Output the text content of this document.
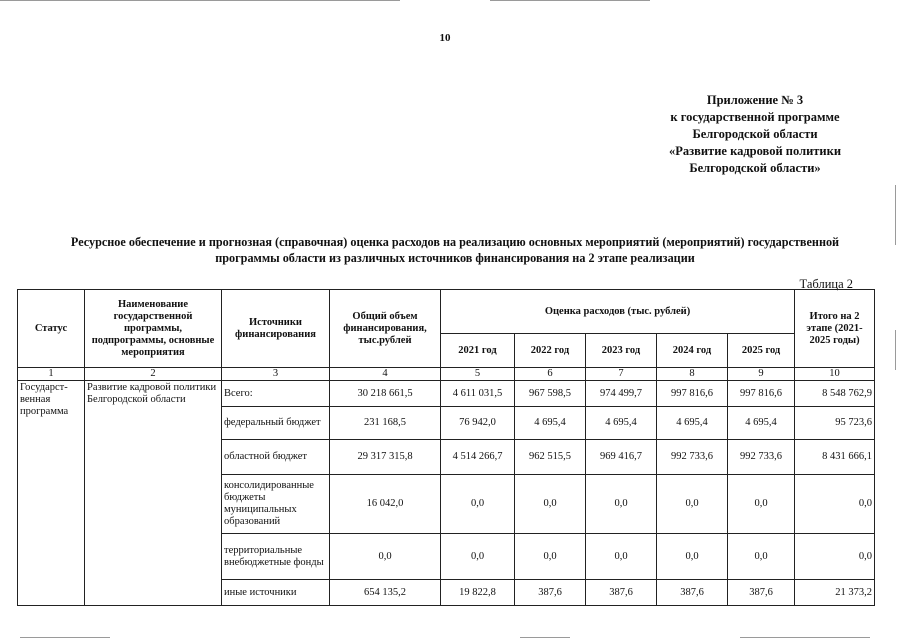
10
Приложение № 3
к государственной программе
Белгородской области
«Развитие кадровой политики
Белгородской области»
Ресурсное обеспечение и прогнозная (справочная) оценка расходов на реализацию основных мероприятий (мероприятий) государственной
программы области из различных источников финансирования на 2 этапе реализации
Таблица 2
Статус	Наименование государственной программы, подпрограммы, основные мероприятия	Источники финансирования	Общий объем финансирования, тыс.рублей	Оценка расходов (тыс. рублей)					Итого на 2 этапе (2021-2025 годы)
				2021 год	2022 год	2023 год	2024 год	2025 год	
1	2	3	4	5	6	7	8	9	10
Государст-венная программа	Развитие кадровой политики Белгородской области	Всего:	30 218 661,5	4 611 031,5	967 598,5	974 499,7	997 816,6	997 816,6	8 548 762,9
		федеральный бюджет	231 168,5	76 942,0	4 695,4	4 695,4	4 695,4	4 695,4	95 723,6
		областной бюджет	29 317 315,8	4 514 266,7	962 515,5	969 416,7	992 733,6	992 733,6	8 431 666,1
		консолидированные бюджеты муниципальных образований	16 042,0	0,0	0,0	0,0	0,0	0,0	0,0
		территориальные внебюджетные фонды	0,0	0,0	0,0	0,0	0,0	0,0	0,0
		иные источники	654 135,2	19 822,8	387,6	387,6	387,6	387,6	21 373,2
